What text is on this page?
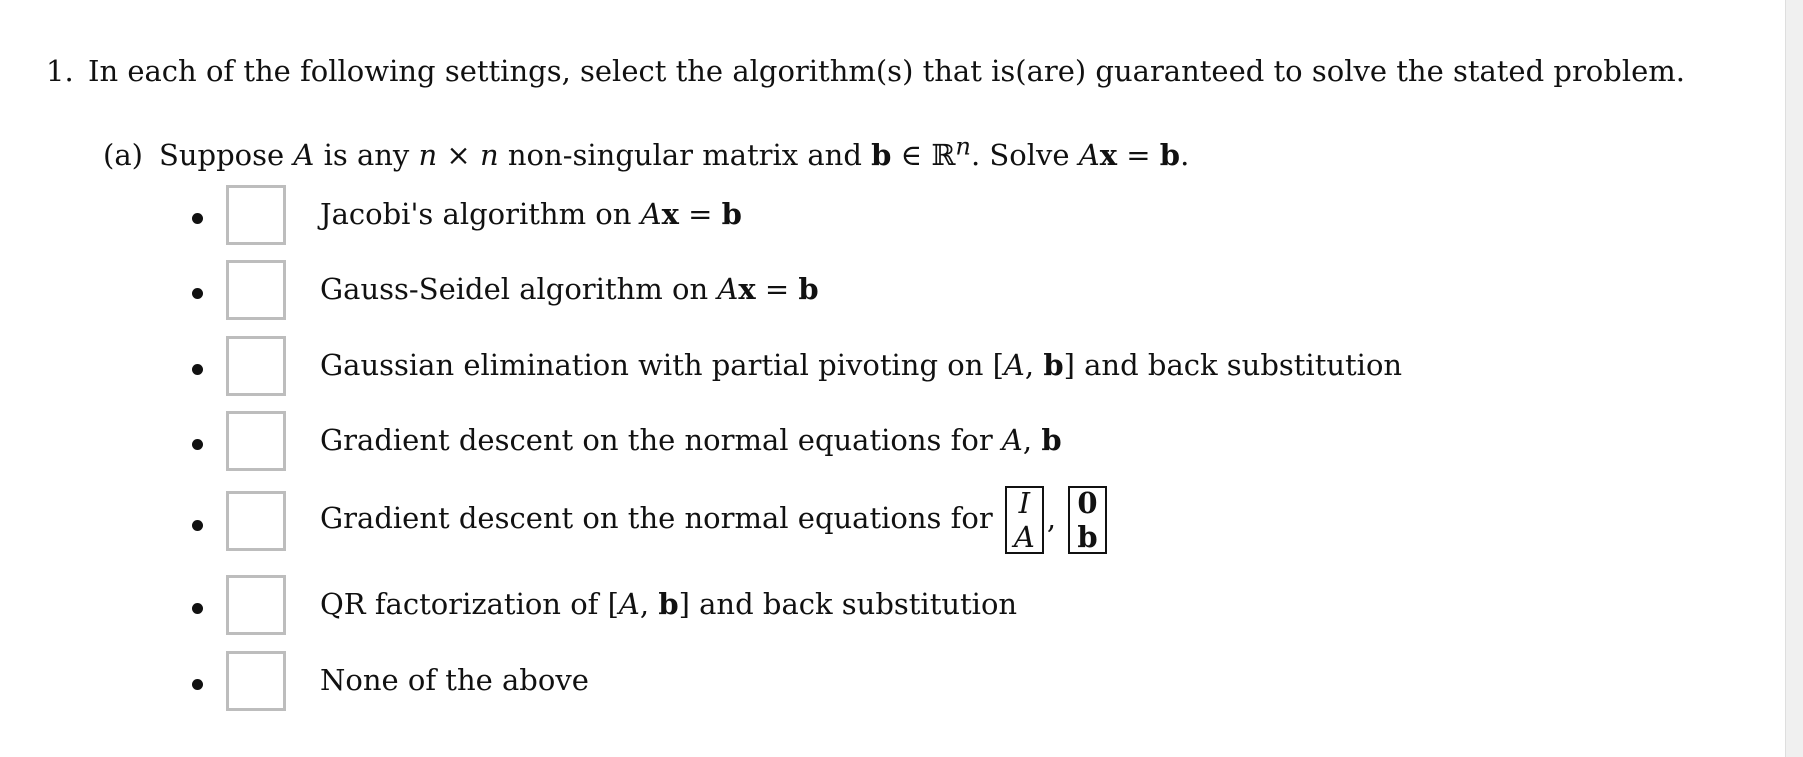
1. In each of the following settings, select the algorithm(s) that is(are) guaranteed to solve the stated problem.
(a) Suppose A is any n × n non-singular matrix and b ∈ ℝ$^n$. Solve Ax = b.
Jacobi's algorithm on Ax = b
Gauss-Seidel algorithm on Ax = b
Gaussian elimination with partial pivoting on [A, b] and back substitution
Gradient descent on the normal equations for A, b
Gradient descent on the normal equations for I
A
, 0
b
QR factorization of [A, b] and back substitution
None of the above
